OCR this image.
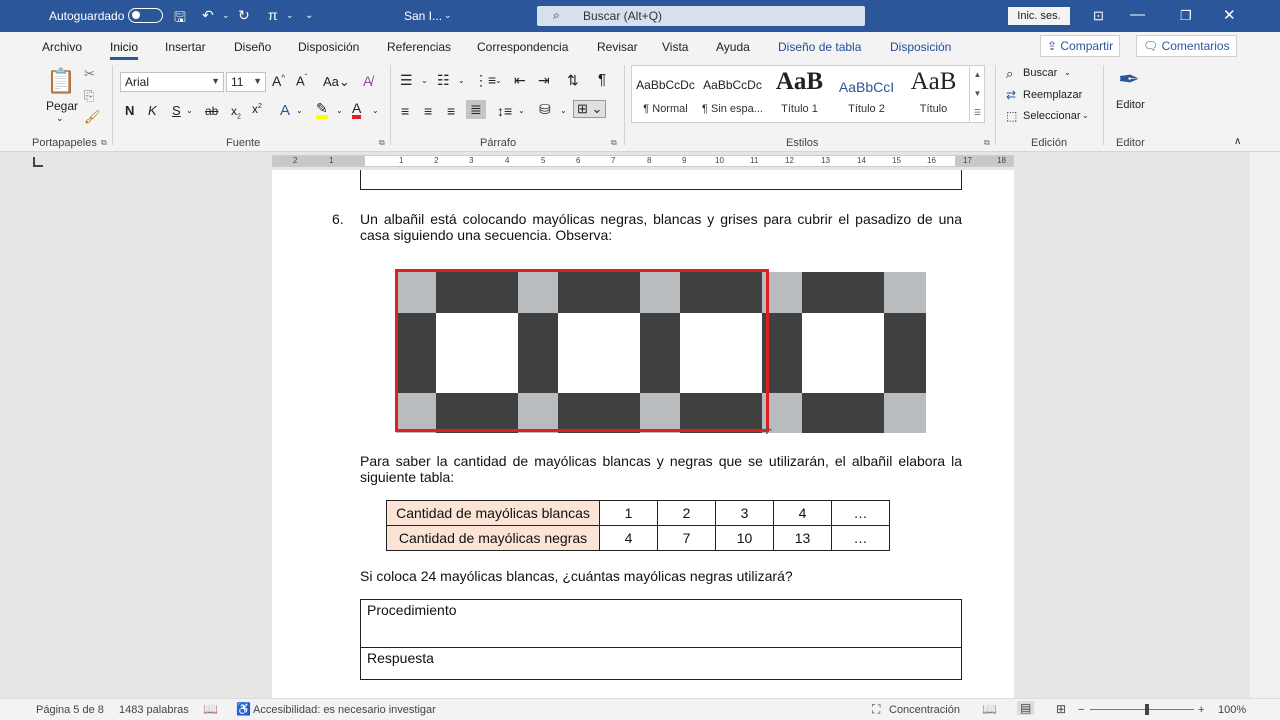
Autoguardado	🖫 ↶ ⌄ ↻ π ⌄ ⌄	San I... ⌄	⌕ Buscar (Alt+Q)	Inic. ses.	⊡ —	❐ ✕
Archivo Inicio Insertar Diseño Disposición Referencias Correspondencia Revisar Vista Ayuda Diseño de tabla Disposición	⇪ Compartir	🗨 Comentarios
📋
Pegar
⌄
✂
⎘
🖌
Portapapeles ⧉
Arial	▼ 11 ▼ A^ $A^ˇ$ Aa⌄ A̸
N K S ⌄ ab $x_2$
$x^2$ A ⌄ ✎ ⌄ A ⌄
Fuente	⧉
☰ ⌄ ☷ ⌄ ⋮≡
⌄ ⇤ ⇥ ⇅ ¶
≡ ≡ ≡ ≣ ↕≡ ⌄ ⛁ ⌄ ⊞ ⌄
Párrafo	⧉
AaBbCcDc
¶ Normal
AaBbCcDc
¶ Sin espa...
AaB
Título 1
AaBbCcI
Título 2
AaB
Título
▲
▼
☰
Estilos	⧉
⌕ Buscar ⌄
⇄ Reemplazar
⬚ Seleccionar ⌄
Edición
✒
Editor
Editor	∧
2	1	1	2	3	4	5	6	7	8	9	10	11	12	13	14	15	16	17	18
6. Un albañil está colocando mayólicas negras, blancas y grises para cubrir el pasadizo de una casa siguiendo una secuencia. Observa:
✛
Para saber la cantidad de mayólicas blancas y negras que se utilizarán, el albañil elabora la siguiente tabla:
Cantidad de mayólicas blancas	1	2	3	4	…
Cantidad de mayólicas negras	4	7	10	13	…
Si coloca 24 mayólicas blancas, ¿cuántas mayólicas negras utilizará?
Procedimiento
Respuesta
Página 5 de 8 1483 palabras 📖 ♿ Accesibilidad: es necesario investigar	⛶ Concentración 📖 ▤ ⊞ −	+ 100%
